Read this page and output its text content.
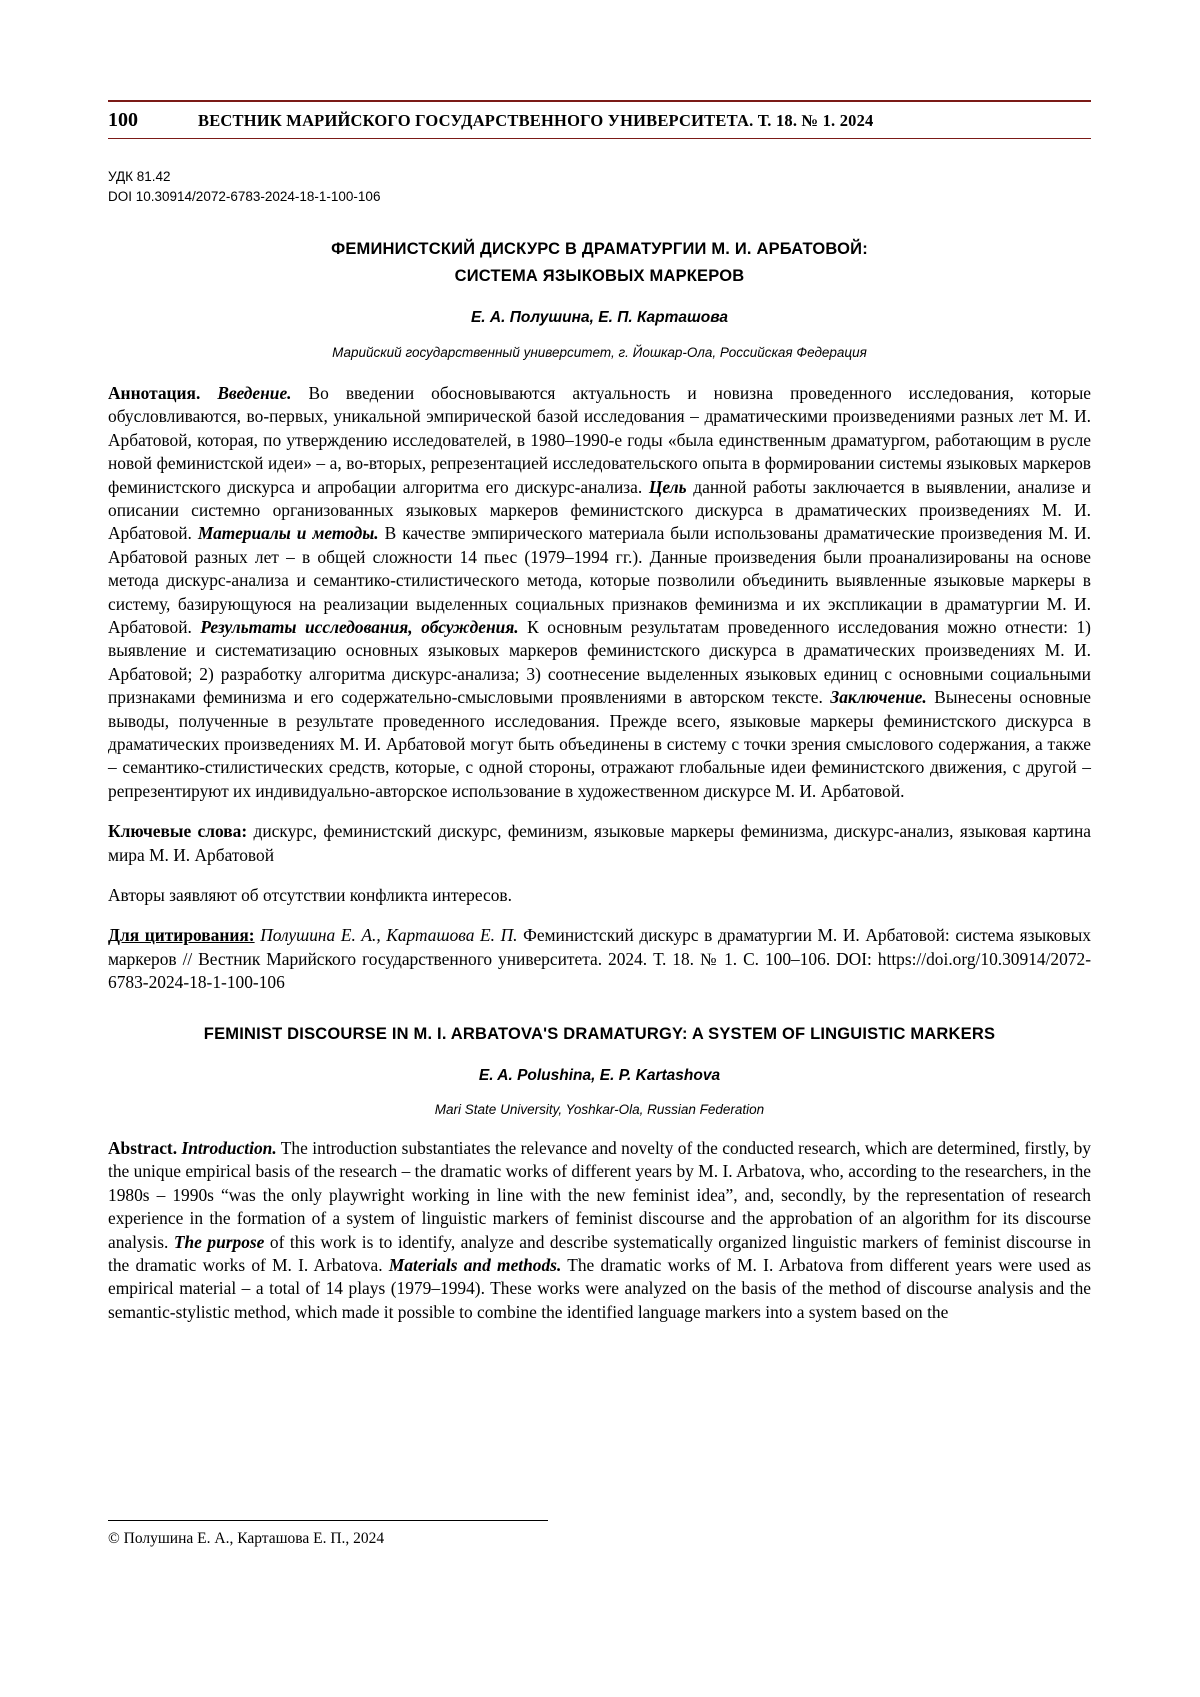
100	ВЕСТНИК МАРИЙСКОГО ГОСУДАРСТВЕННОГО УНИВЕРСИТЕТА. Т. 18. № 1. 2024
УДК 81.42
DOI 10.30914/2072-6783-2024-18-1-100-106
ФЕМИНИСТСКИЙ ДИСКУРС В ДРАМАТУРГИИ М. И. АРБАТОВОЙ:
СИСТЕМА ЯЗЫКОВЫХ МАРКЕРОВ
Е. А. Полушина, Е. П. Карташова
Марийский государственный университет, г. Йошкар-Ола, Российская Федерация
Аннотация. Введение. Во введении обосновываются актуальность и новизна проведенного исследования, которые обусловливаются, во-первых, уникальной эмпирической базой исследования – драматическими произведениями разных лет М. И. Арбатовой, которая, по утверждению исследователей, в 1980–1990-е годы «была единственным драматургом, работающим в русле новой феминистской идеи» – а, во-вторых, репрезентацией исследовательского опыта в формировании системы языковых маркеров феминистского дискурса и апробации алгоритма его дискурс-анализа. Цель данной работы заключается в выявлении, анализе и описании системно организованных языковых маркеров феминистского дискурса в драматических произведениях М. И. Арбатовой. Материалы и методы. В качестве эмпирического материала были использованы драматические произведения М. И. Арбатовой разных лет – в общей сложности 14 пьес (1979–1994 гг.). Данные произведения были проанализированы на основе метода дискурс-анализа и семантико-стилистического метода, которые позволили объединить выявленные языковые маркеры в систему, базирующуюся на реализации выделенных социальных признаков феминизма и их экспликации в драматургии М. И. Арбатовой. Результаты исследования, обсуждения. К основным результатам проведенного исследования можно отнести: 1) выявление и систематизацию основных языковых маркеров феминистского дискурса в драматических произведениях М. И. Арбатовой; 2) разработку алгоритма дискурс-анализа; 3) соотнесение выделенных языковых единиц с основными социальными признаками феминизма и его содержательно-смысловыми проявлениями в авторском тексте. Заключение. Вынесены основные выводы, полученные в результате проведенного исследования. Прежде всего, языковые маркеры феминистского дискурса в драматических произведениях М. И. Арбатовой могут быть объединены в систему с точки зрения смыслового содержания, а также – семантико-стилистических средств, которые, с одной стороны, отражают глобальные идеи феминистского движения, с другой – репрезентируют их индивидуально-авторское использование в художественном дискурсе М. И. Арбатовой.
Ключевые слова: дискурс, феминистский дискурс, феминизм, языковые маркеры феминизма, дискурс-анализ, языковая картина мира М. И. Арбатовой
Авторы заявляют об отсутствии конфликта интересов.
Для цитирования: Полушина Е. А., Карташова Е. П. Феминистский дискурс в драматургии М. И. Арбатовой: система языковых маркеров // Вестник Марийского государственного университета. 2024. Т. 18. № 1. С. 100–106. DOI: https://doi.org/10.30914/2072-6783-2024-18-1-100-106
FEMINIST DISCOURSE IN M. I. ARBATOVA'S DRAMATURGY: A SYSTEM OF LINGUISTIC MARKERS
E. A. Polushina, E. P. Kartashova
Mari State University, Yoshkar-Ola, Russian Federation
Abstract. Introduction. The introduction substantiates the relevance and novelty of the conducted research, which are determined, firstly, by the unique empirical basis of the research – the dramatic works of different years by M. I. Arbatova, who, according to the researchers, in the 1980s – 1990s “was the only playwright working in line with the new feminist idea”, and, secondly, by the representation of research experience in the formation of a system of linguistic markers of feminist discourse and the approbation of an algorithm for its discourse analysis. The purpose of this work is to identify, analyze and describe systematically organized linguistic markers of feminist discourse in the dramatic works of M. I. Arbatova. Materials and methods. The dramatic works of M. I. Arbatova from different years were used as empirical material – a total of 14 plays (1979–1994). These works were analyzed on the basis of the method of discourse analysis and the semantic-stylistic method, which made it possible to combine the identified language markers into a system based on the
© Полушина Е. А., Карташова Е. П., 2024
